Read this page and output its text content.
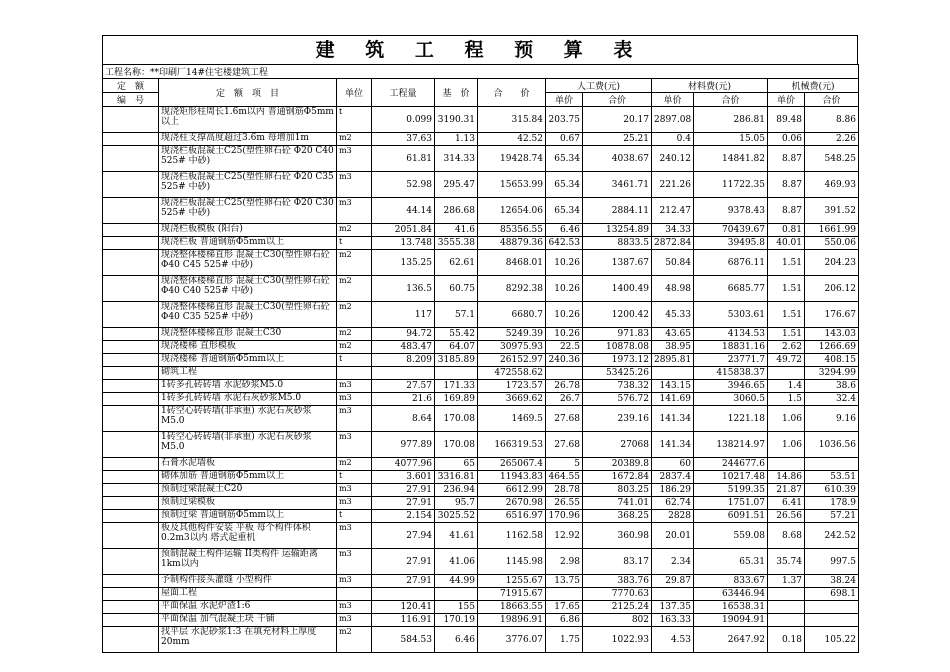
建 筑 工 程 预 算 表
工程名称：**印刷厂14#住宅楼建筑工程											
定　额	定　额　项　目	单位	工程量	基　价	合　　价	人工费(元)		材料费(元)		机械费(元)	
编　号						单价	合价	单价	合价	单价	合价
	现浇矩形柱周长1.6m以内 普通钢筋Φ5mm以上	t	0.099	3190.31	315.84	203.75	20.17	2897.08	286.81	89.48	8.86
	现浇柱支撑高度超过3.6m 每增加1m	m2	37.63	1.13	42.52	0.67	25.21	0.4	15.05	0.06	2.26
	现浇栏板混凝土C25(塑性卵石砼 Φ20 C40 525# 中砂)	m3	61.81	314.33	19428.74	65.34	4038.67	240.12	14841.82	8.87	548.25
	现浇栏板混凝土C25(塑性卵石砼 Φ20 C35 525# 中砂)	m3	52.98	295.47	15653.99	65.34	3461.71	221.26	11722.35	8.87	469.93
	现浇栏板混凝土C25(塑性卵石砼 Φ20 C30 525# 中砂)	m3	44.14	286.68	12654.06	65.34	2884.11	212.47	9378.43	8.87	391.52
	现浇栏板模板 (阳台)	m2	2051.84	41.6	85356.55	6.46	13254.89	34.33	70439.67	0.81	1661.99
	现浇栏板 普通钢筋Φ5mm以上	t	13.748	3555.38	48879.36	642.53	8833.5	2872.84	39495.8	40.01	550.06
	现浇整体楼梯直形 混凝土C30(塑性卵石砼 Φ40 C45 525# 中砂)	m2	135.25	62.61	8468.01	10.26	1387.67	50.84	6876.11	1.51	204.23
	现浇整体楼梯直形 混凝土C30(塑性卵石砼 Φ40 C40 525# 中砂)	m2	136.5	60.75	8292.38	10.26	1400.49	48.98	6685.77	1.51	206.12
	现浇整体楼梯直形 混凝土C30(塑性卵石砼 Φ40 C35 525# 中砂)	m2	117	57.1	6680.7	10.26	1200.42	45.33	5303.61	1.51	176.67
	现浇整体楼梯直形 混凝土C30	m2	94.72	55.42	5249.39	10.26	971.83	43.65	4134.53	1.51	143.03
	现浇楼梯 直形模板	m2	483.47	64.07	30975.93	22.5	10878.08	38.95	18831.16	2.62	1266.69
	现浇楼梯 普通钢筋Φ5mm以上	t	8.209	3185.89	26152.97	240.36	1973.12	2895.81	23771.7	49.72	408.15
	砌筑工程				472558.62		53425.26		415838.37		3294.99
	1砖多孔砖砖墙 水泥砂浆M5.0	m3	27.57	171.33	1723.57	26.78	738.32	143.15	3946.65	1.4	38.6
	1砖多孔砖砖墙 水泥石灰砂浆M5.0	m3	21.6	169.89	3669.62	26.7	576.72	141.69	3060.5	1.5	32.4
	1砖空心砖砖墙(非承重) 水泥石灰砂浆M5.0	m3	8.64	170.08	1469.5	27.68	239.16	141.34	1221.18	1.06	9.16
	1砖空心砖砖墙(非承重) 水泥石灰砂浆M5.0	m3	977.89	170.08	166319.53	27.68	27068	141.34	138214.97	1.06	1036.56
	石膏水泥墙板	m2	4077.96	65	265067.4	5	20389.8	60	244677.6		
	砌体加筋 普通钢筋Φ5mm以上	t	3.601	3316.81	11943.83	464.55	1672.84	2837.4	10217.48	14.86	53.51
	预制过梁混凝土C20	m3	27.91	236.94	6612.99	28.78	803.25	186.29	5199.35	21.87	610.39
	预制过梁模板	m3	27.91	95.7	2670.98	26.55	741.01	62.74	1751.07	6.41	178.9
	预制过梁 普通钢筋Φ5mm以上	t	2.154	3025.52	6516.97	170.96	368.25	2828	6091.51	26.56	57.21
	板及其他构件安装 平板 每个构件体积0.2m3以内 塔式起重机	m3	27.94	41.61	1162.58	12.92	360.98	20.01	559.08	8.68	242.52
	预制混凝土构件运输 II类构件 运输距离1km以内	m3	27.91	41.06	1145.98	2.98	83.17	2.34	65.31	35.74	997.5
	予制构件接头灌缝 小型构件	m3	27.91	44.99	1255.67	13.75	383.76	29.87	833.67	1.37	38.24
	屋面工程				71915.67		7770.63		63446.94		698.1
	平面保温 水泥炉渣1:6	m3	120.41	155	18663.55	17.65	2125.24	137.35	16538.31		
	平面保温 加气混凝土块 干铺	m3	116.91	170.19	19896.91	6.86	802	163.33	19094.91		
	找平层 水泥砂浆1:3 在填充材料上厚度20mm	m2	584.53	6.46	3776.07	1.75	1022.93	4.53	2647.92	0.18	105.22
